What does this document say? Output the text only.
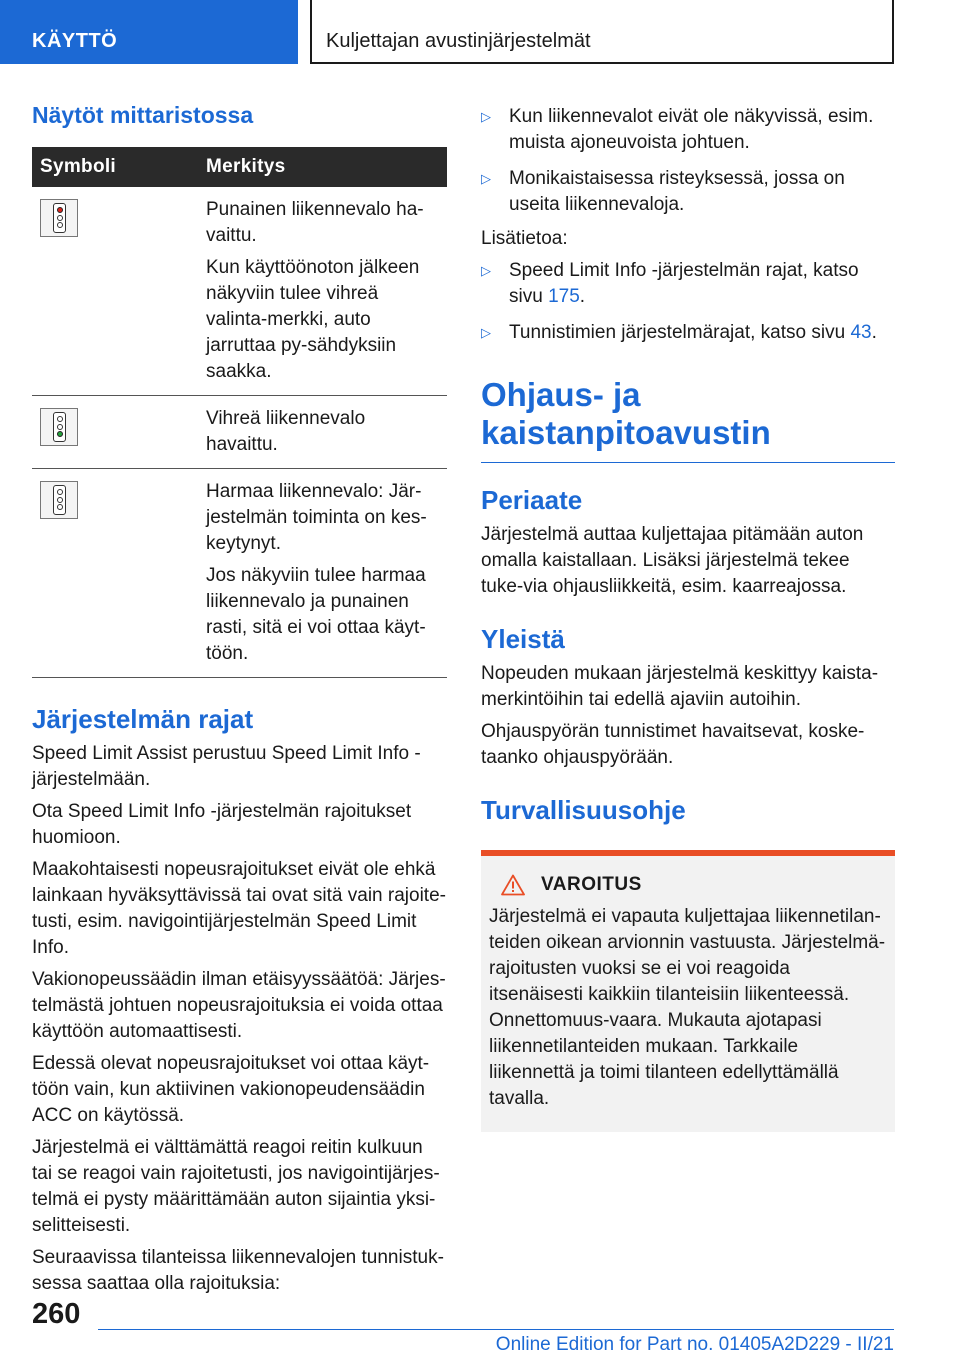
KÄYTTÖ	Kuljettajan avustinjärjestelmät
Näytöt mittaristossa
Symboli	Merkitys

	Punainen liikennevalo ha-vaittu.

Kun käyttöönoton jälkeen näkyviin tulee vihreä valinta-merkki, auto jarruttaa py-sähdyksiin saakka.

	Vihreä liikennevalo havaittu.

	Harmaa liikennevalo: Jär-jestelmän toiminta on kes-keytynyt.

Jos näkyviin tulee harmaa liikennevalo ja punainen rasti, sitä ei voi ottaa käyt-töön.

Järjestelmän rajat

Speed Limit Assist perustuu Speed Limit Info -järjestelmään.

Ota Speed Limit Info -järjestelmän rajoitukset huomioon.

Maakohtaisesti nopeusrajoitukset eivät ole ehkä lainkaan hyväksyttävissä tai ovat sitä vain rajoite-tusti, esim. navigointijärjestelmän Speed Limit Info.

Vakionopeussäädin ilman etäisyyssäätöä: Järjes-telmästä johtuen nopeusrajoituksia ei voida ottaa käyttöön automaattisesti.

Edessä olevat nopeusrajoitukset voi ottaa käyt-töön vain, kun aktiivinen vakionopeudensäädin ACC on käytössä.

Järjestelmä ei välttämättä reagoi reitin kulkuun tai se reagoi vain rajoitetusti, jos navigointijärjes-telmä ei pysty määrittämään auton sijaintia yksi-selitteisesti.

Seuraavissa tilanteissa liikennevalojen tunnistuk-sessa saattaa olla rajoituksia:

▷ Kun liikennevalot eivät ole näkyvissä, esim. muista ajoneuvoista johtuen.
▷ Monikaistaisessa risteyksessä, jossa on useita liikennevaloja.

Lisätietoa:

▷ Speed Limit Info -järjestelmän rajat, katso sivu 175.
▷ Tunnistimien järjestelmärajat, katso sivu 43.
Ohjaus- ja
kaistanpitoavustin
Periaate

Järjestelmä auttaa kuljettajaa pitämään auton omalla kaistallaan. Lisäksi järjestelmä tekee tuke-via ohjausliikkeitä, esim. kaarreajossa.

Yleistä

Nopeuden mukaan järjestelmä keskittyy kaista-merkintöihin tai edellä ajaviin autoihin.

Ohjauspyörän tunnistimet havaitsevat, koske-taanko ohjauspyörään.

Turvallisuusohje
VAROITUS

Järjestelmä ei vapauta kuljettajaa liikennetilan-teiden oikean arvionnin vastuusta. Järjestelmä-rajoitusten vuoksi se ei voi reagoida itsenäisesti kaikkiin tilanteisiin liikenteessä. Onnettomuus-vaara. Mukauta ajotapasi liikennetilanteiden mukaan. Tarkkaile liikennettä ja toimi tilanteen edellyttämällä tavalla.

260
Online Edition for Part no. 01405A2D229 - II/21
